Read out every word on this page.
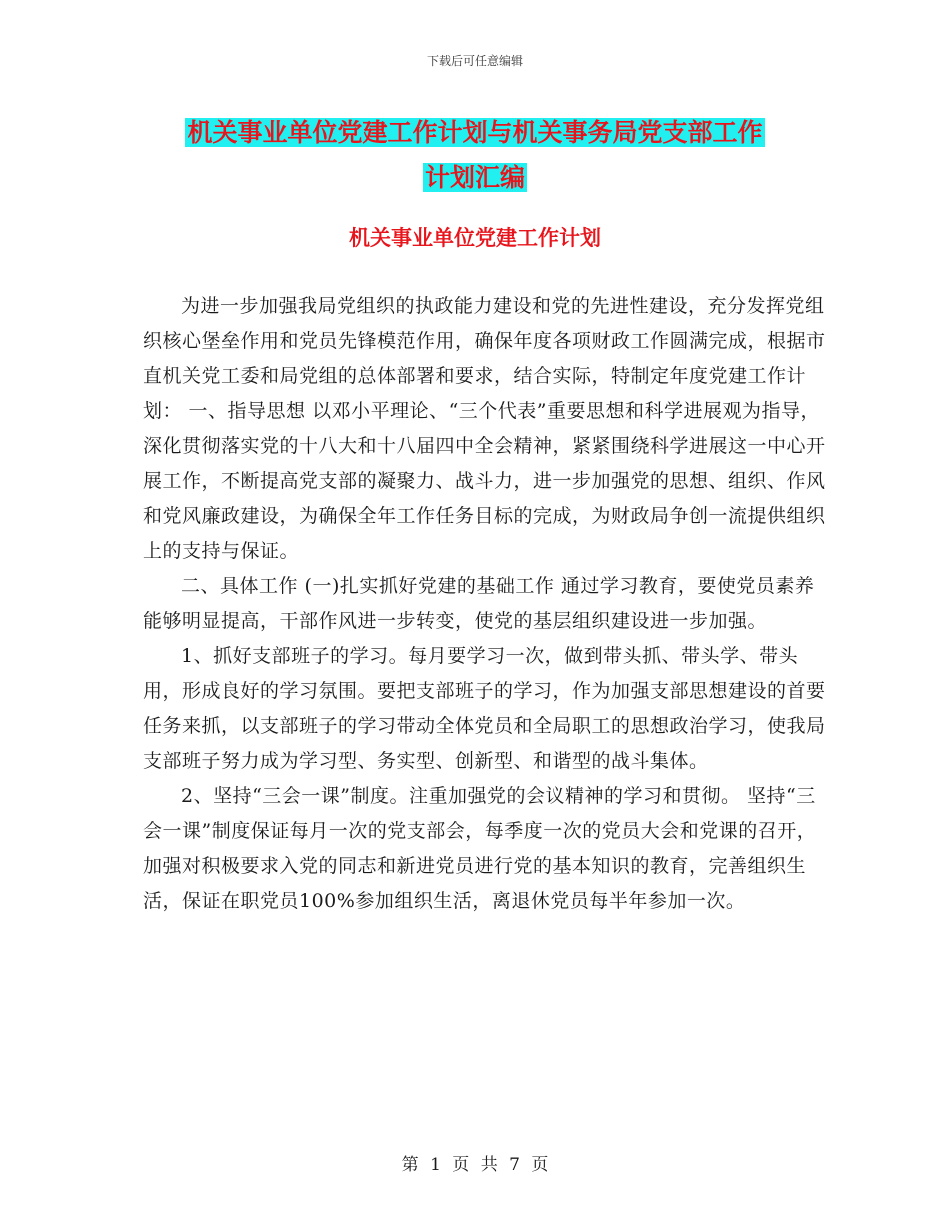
下载后可任意编辑
机关事业单位党建工作计划与机关事务局党支部工作
计划汇编
机关事业单位党建工作计划

为进一步加强我局党组织的执政能力建设和党的先进性建设，充分发挥党组织核心堡垒作用和党员先锋模范作用，确保年度各项财政工作圆满完成，根据市直机关党工委和局党组的总体部署和要求，结合实际，特制定年度党建工作计划： 一、指导思想 以邓小平理论、“三个代表”重要思想和科学进展观为指导，深化贯彻落实党的十八大和十八届四中全会精神，紧紧围绕科学进展这一中心开展工作，不断提高党支部的凝聚力、战斗力，进一步加强党的思想、组织、作风和党风廉政建设，为确保全年工作任务目标的完成，为财政局争创一流提供组织上的支持与保证。

二、具体工作 (一)扎实抓好党建的基础工作 通过学习教育，要使党员素养能够明显提高，干部作风进一步转变，使党的基层组织建设进一步加强。

1、抓好支部班子的学习。每月要学习一次，做到带头抓、带头学、带头用，形成良好的学习氛围。要把支部班子的学习，作为加强支部思想建设的首要任务来抓，以支部班子的学习带动全体党员和全局职工的思想政治学习，使我局支部班子努力成为学习型、务实型、创新型、和谐型的战斗集体。

2、坚持“三会一课”制度。注重加强党的会议精神的学习和贯彻。 坚持“三会一课”制度保证每月一次的党支部会，每季度一次的党员大会和党课的召开，加强对积极要求入党的同志和新进党员进行党的基本知识的教育，完善组织生活，保证在职党员100%参加组织生活，离退休党员每半年参加一次。

第 1 页 共 7 页
